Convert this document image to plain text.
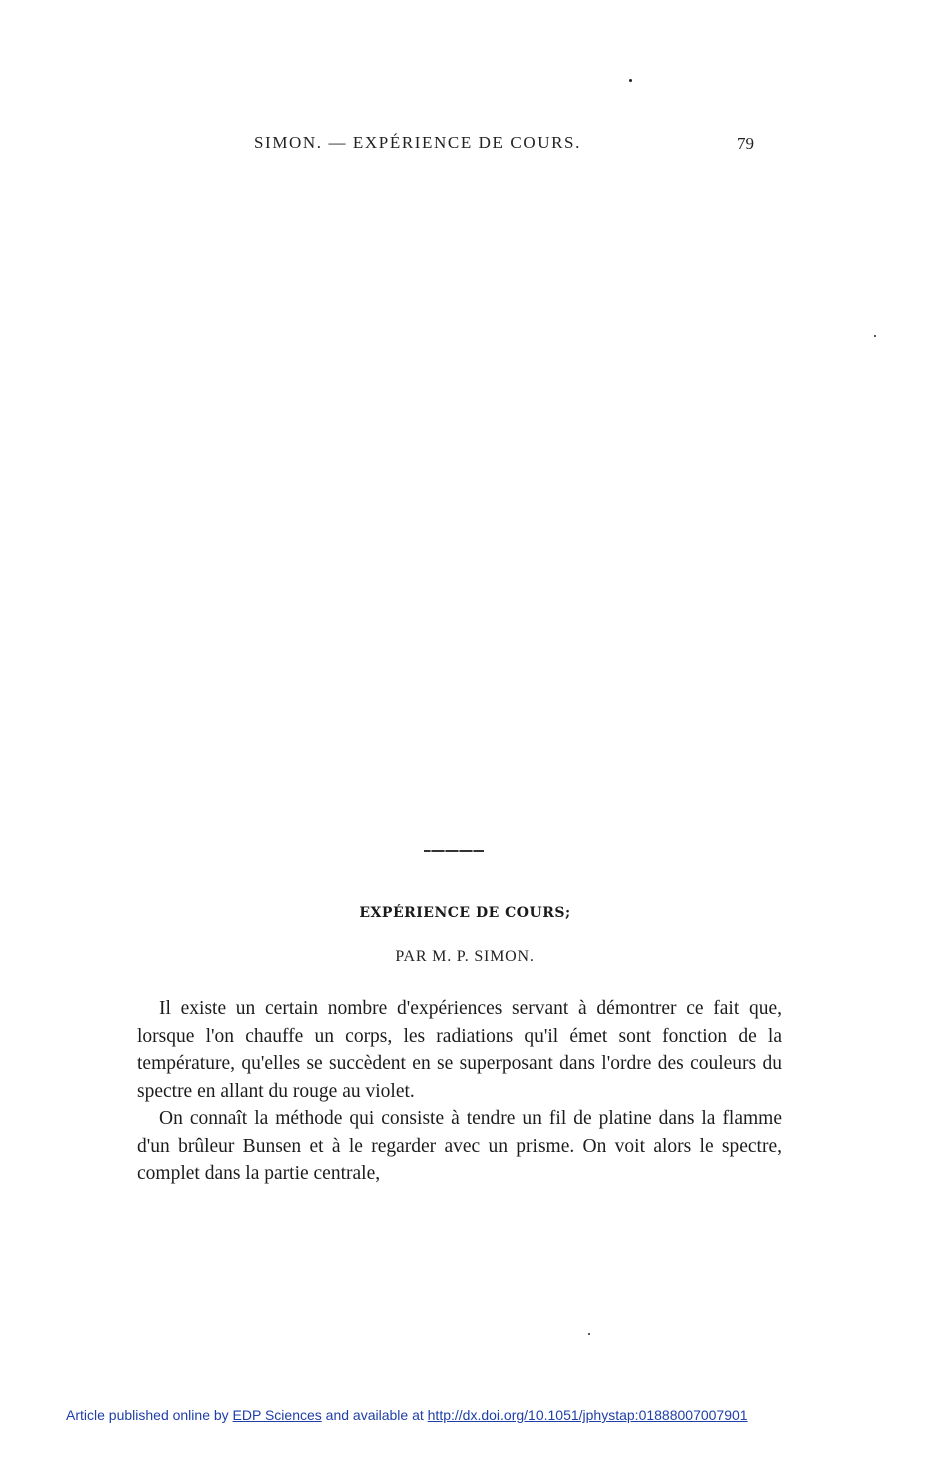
SIMON. — EXPÉRIENCE DE COURS.	79
EXPÉRIENCE DE COURS;
PAR M. P. SIMON.

Il existe un certain nombre d'expériences servant à démontrer ce fait que, lorsque l'on chauffe un corps, les radiations qu'il émet sont fonction de la température, qu'elles se succèdent en se superposant dans l'ordre des couleurs du spectre en allant du rouge au violet.

On connaît la méthode qui consiste à tendre un fil de platine dans la flamme d'un brûleur Bunsen et à le regarder avec un prisme. On voit alors le spectre, complet dans la partie centrale,

Article published online by EDP Sciences and available at http://dx.doi.org/10.1051/jphystap:01888007007901
